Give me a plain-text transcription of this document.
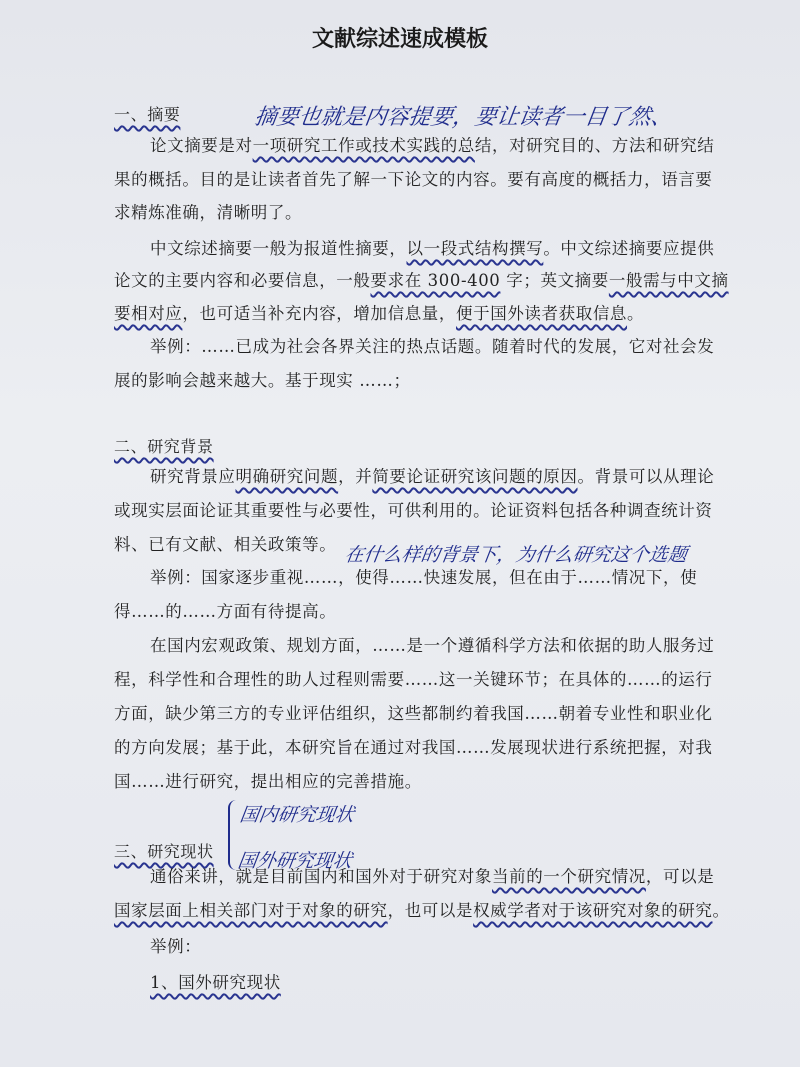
文献综述速成模板
一、摘要
论文摘要是对一项研究工作或技术实践的总结，对研究目的、方法和研究结
果的概括。目的是让读者首先了解一下论文的内容。要有高度的概括力，语言要
求精炼准确，清晰明了。
中文综述摘要一般为报道性摘要，以一段式结构撰写。中文综述摘要应提供
论文的主要内容和必要信息，一般要求在 300-400 字；英文摘要一般需与中文摘
要相对应，也可适当补充内容，增加信息量，便于国外读者获取信息。
举例：……已成为社会各界关注的热点话题。随着时代的发展，它对社会发
展的影响会越来越大。基于现实 ……；
二、研究背景
研究背景应明确研究问题，并简要论证研究该问题的原因。背景可以从理论
或现实层面论证其重要性与必要性，可供利用的。论证资料包括各种调查统计资
料、已有文献、相关政策等。
举例：国家逐步重视……，使得……快速发展，但在由于……情况下，使
得……的……方面有待提高。
在国内宏观政策、规划方面，……是一个遵循科学方法和依据的助人服务过
程，科学性和合理性的助人过程则需要……这一关键环节；在具体的……的运行
方面，缺少第三方的专业评估组织，这些都制约着我国……朝着专业性和职业化
的方向发展；基于此，本研究旨在通过对我国……发展现状进行系统把握，对我
国……进行研究，提出相应的完善措施。
三、研究现状
通俗来讲，就是目前国内和国外对于研究对象当前的一个研究情况，可以是
国家层面上相关部门对于对象的研究，也可以是权威学者对于该研究对象的研究。
举例：
1、国外研究现状
摘要也就是内容提要，要让读者一目了然、
在什么样的背景下，为什么研究这个选题
国内研究现状
国外研究现状
